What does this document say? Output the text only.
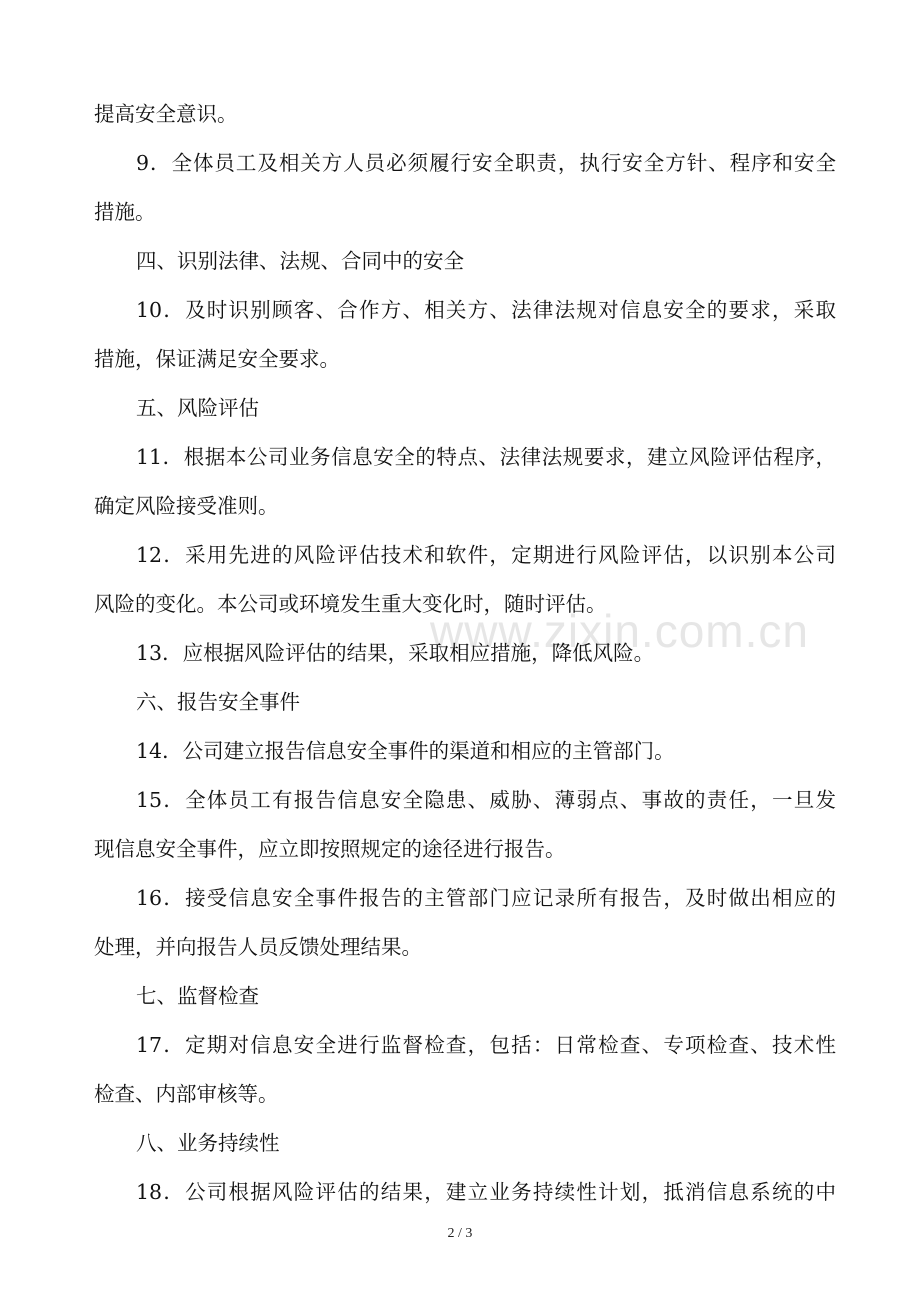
www.zixin.com.cn
提高安全意识。
9．全体员工及相关方人员必须履行安全职责，执行安全方针、程序和安全
措施。
四、识别法律、法规、合同中的安全
10．及时识别顾客、合作方、相关方、法律法规对信息安全的要求，采取
措施，保证满足安全要求。
五、风险评估
11．根据本公司业务信息安全的特点、法律法规要求，建立风险评估程序，
确定风险接受准则。
12．采用先进的风险评估技术和软件，定期进行风险评估，以识别本公司
风险的变化。本公司或环境发生重大变化时，随时评估。
13．应根据风险评估的结果，采取相应措施，降低风险。
六、报告安全事件
14．公司建立报告信息安全事件的渠道和相应的主管部门。
15．全体员工有报告信息安全隐患、威胁、薄弱点、事故的责任，一旦发
现信息安全事件，应立即按照规定的途径进行报告。
16．接受信息安全事件报告的主管部门应记录所有报告，及时做出相应的
处理，并向报告人员反馈处理结果。
七、监督检查
17．定期对信息安全进行监督检查，包括：日常检查、专项检查、技术性
检查、内部审核等。
八、业务持续性
18．公司根据风险评估的结果，建立业务持续性计划，抵消信息系统的中
2 / 3
